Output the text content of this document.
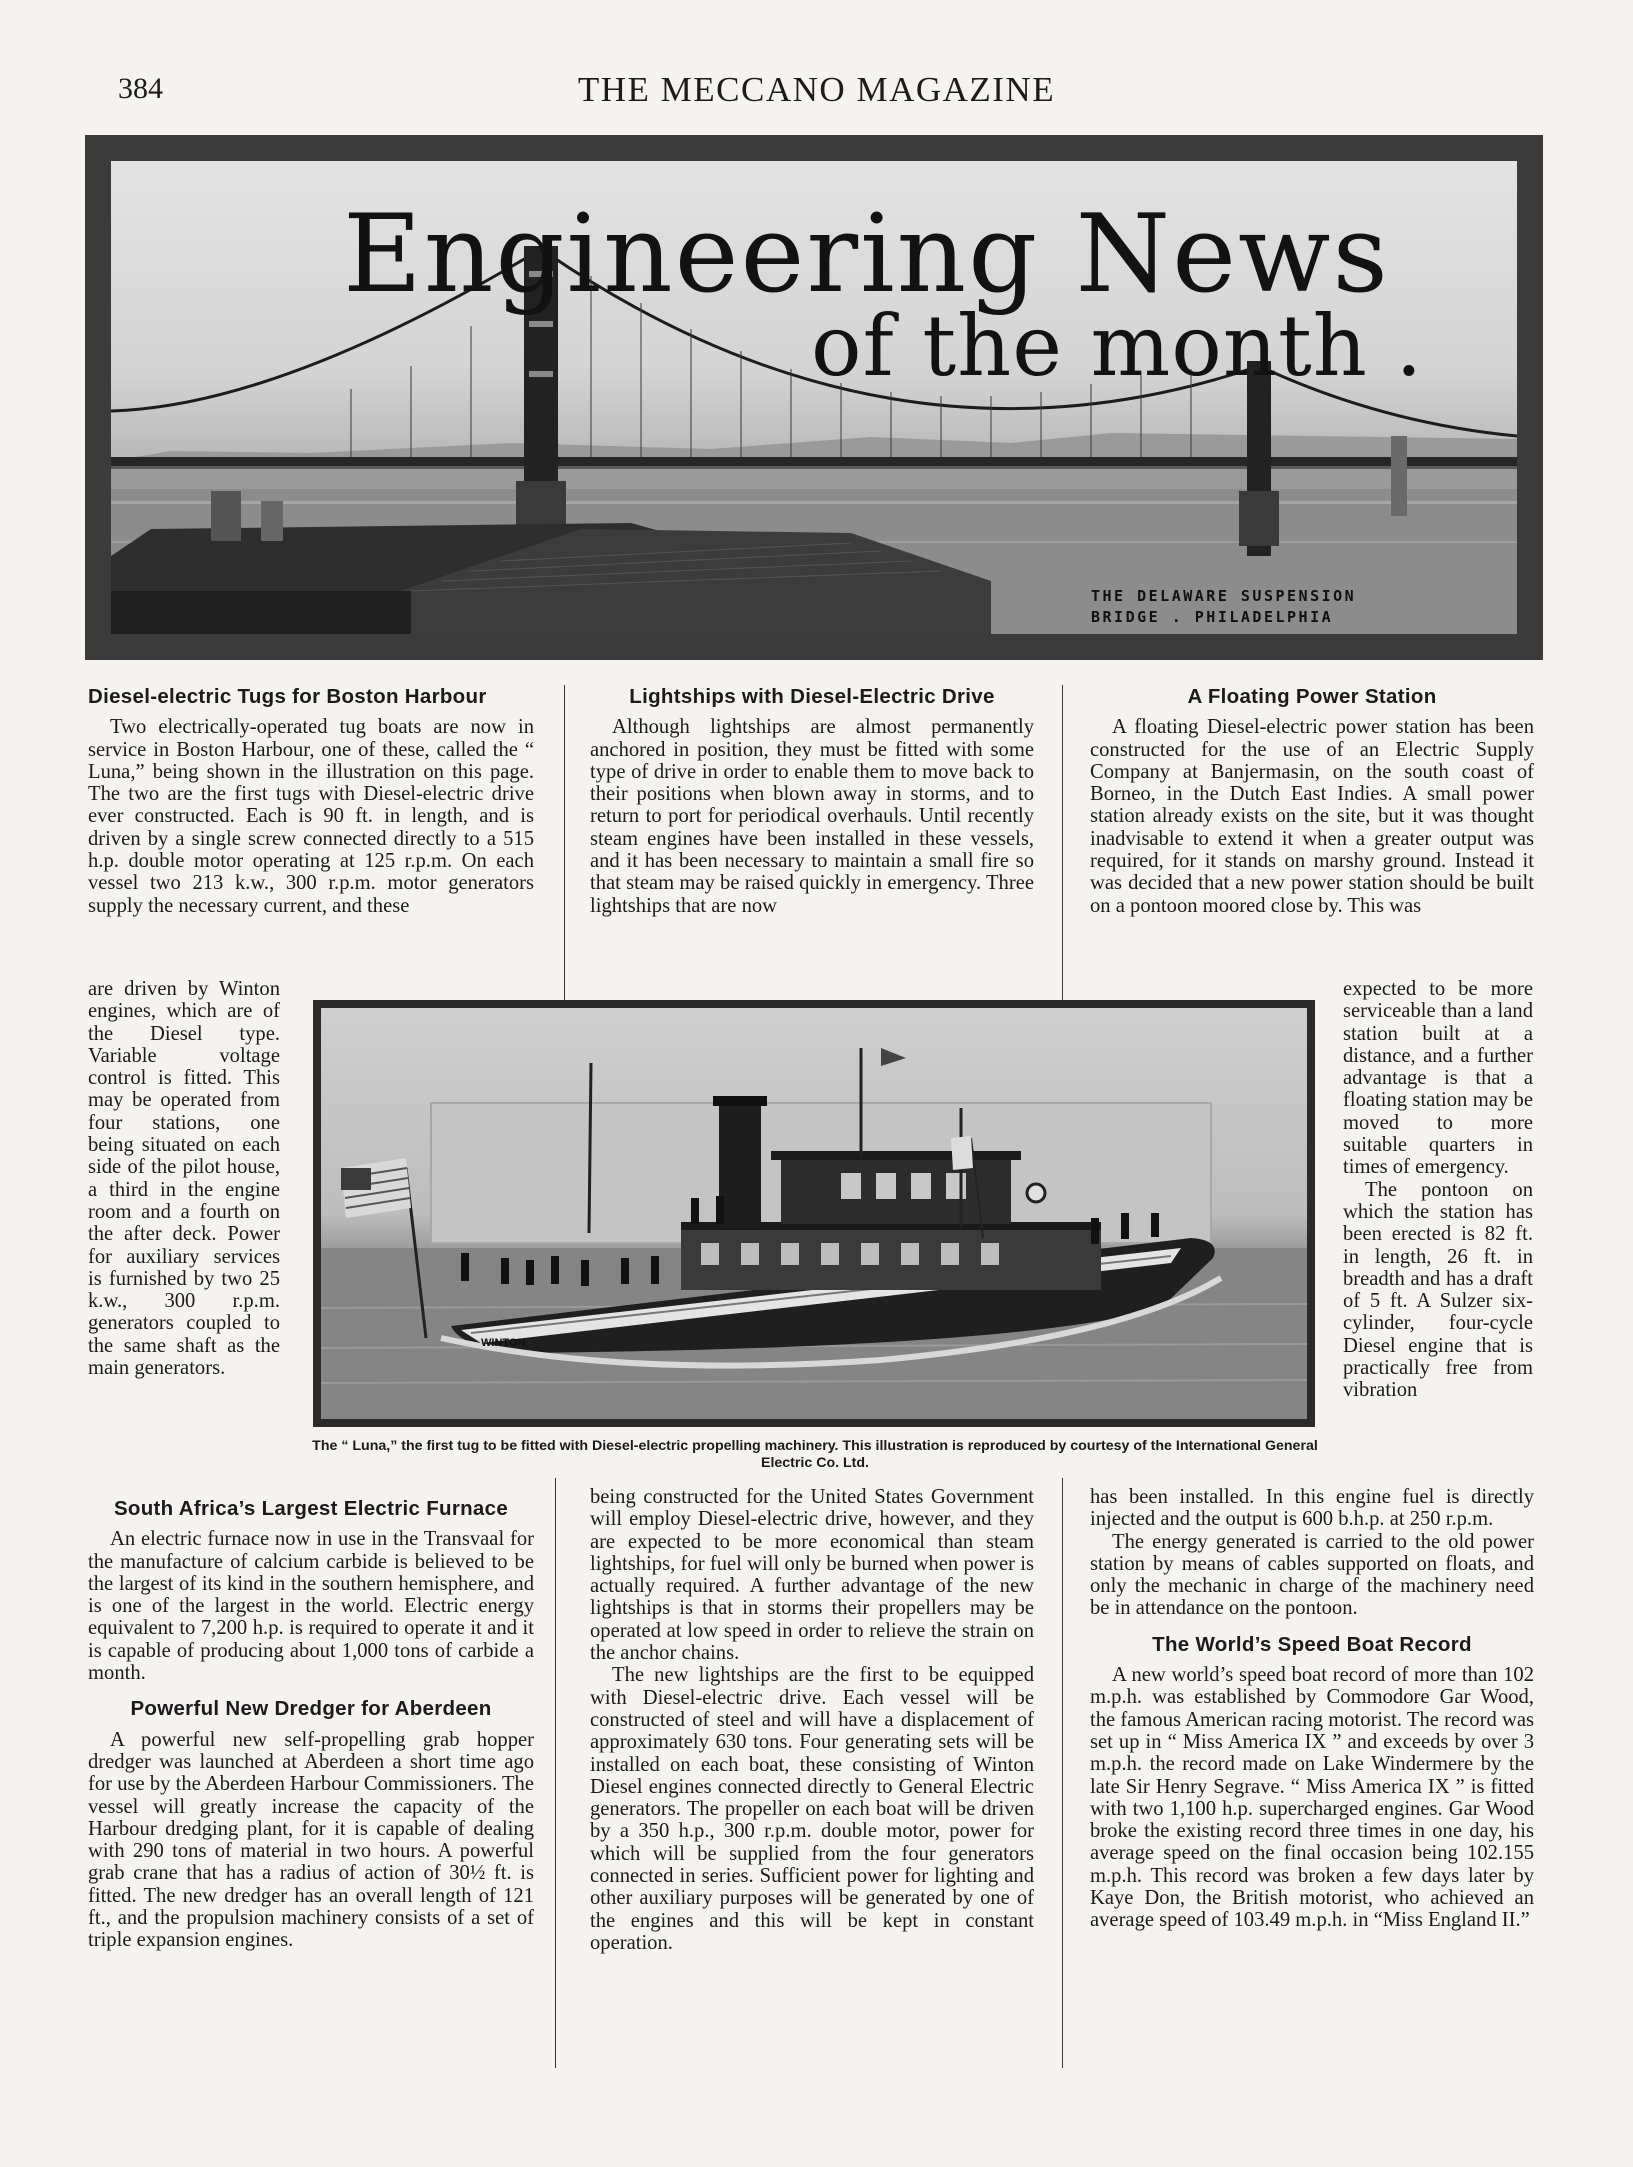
384	THE MECCANO MAGAZINE
Engineering News
of the month .
THE DELAWARE SUSPENSION
BRIDGE . PHILADELPHIA
Diesel-electric Tugs for Boston Harbour

Two electrically-operated tug boats are now in service in Boston Harbour, one of these, called the “ Luna,” being shown in the illustration on this page. The two are the first tugs with Diesel-electric drive ever constructed. Each is 90 ft. in length, and is driven by a single screw connected directly to a 515 h.p. double motor operating at 125 r.p.m. On each vessel two 213 k.w., 300 r.p.m. motor generators supply the necessary current, and these

are driven by Winton engines, which are of the Diesel type. Variable voltage control is fitted. This may be operated from four stations, one being situated on each side of the pilot house, a third in the engine room and a fourth on the after deck. Power for auxiliary services is furnished by two 25 k.w., 300 r.p.m. generators coupled to the same shaft as the main generators.

South Africa’s Largest Electric Furnace

An electric furnace now in use in the Transvaal for the manufacture of calcium carbide is believed to be the largest of its kind in the southern hemisphere, and is one of the largest in the world. Electric energy equivalent to 7,200 h.p. is required to operate it and it is capable of producing about 1,000 tons of carbide a month.

Powerful New Dredger for Aberdeen

A powerful new self-propelling grab hopper dredger was launched at Aberdeen a short time ago for use by the Aberdeen Harbour Commissioners. The vessel will greatly increase the capacity of the Harbour dredging plant, for it is capable of dealing with 290 tons of material in two hours. A powerful grab crane that has a radius of action of 30½ ft. is fitted. The new dredger has an overall length of 121 ft., and the propulsion machinery consists of a set of triple expansion engines.

Lightships with Diesel-Electric Drive

Although lightships are almost permanently anchored in position, they must be fitted with some type of drive in order to enable them to move back to their positions when blown away in storms, and to return to port for periodical overhauls. Until recently steam engines have been installed in these vessels, and it has been necessary to maintain a small fire so that steam may be raised quickly in emergency. Three lightships that are now

being constructed for the United States Government will employ Diesel-electric drive, however, and they are expected to be more economical than steam lightships, for fuel will only be burned when power is actually required. A further advantage of the new lightships is that in storms their propellers may be operated at low speed in order to relieve the strain on the anchor chains.

The new lightships are the first to be equipped with Diesel-electric drive. Each vessel will be constructed of steel and will have a displacement of approximately 630 tons. Four generating sets will be installed on each boat, these consisting of Winton Diesel engines connected directly to General Electric generators. The propeller on each boat will be driven by a 350 h.p., 300 r.p.m. double motor, power for which will be supplied from the four generators connected in series. Sufficient power for lighting and other auxiliary purposes will be generated by one of the engines and this will be kept in constant operation.

A Floating Power Station

A floating Diesel-electric power station has been constructed for the use of an Electric Supply Company at Banjermasin, on the south coast of Borneo, in the Dutch East Indies. A small power station already exists on the site, but it was thought inadvisable to extend it when a greater output was required, for it stands on marshy ground. Instead it was decided that a new power station should be built on a pontoon moored close by. This was

expected to be more serviceable than a land station built at a distance, and a further advantage is that a floating station may be moved to more suitable quarters in times of emergency.

The pontoon on which the station has been erected is 82 ft. in length, 26 ft. in breadth and has a draft of 5 ft. A Sulzer six-cylinder, four-cycle Diesel engine that is practically free from vibration

has been installed. In this engine fuel is directly injected and the output is 600 b.h.p. at 250 r.p.m.

The energy generated is carried to the old power station by means of cables supported on floats, and only the mechanic in charge of the machinery need be in attendance on the pontoon.

The World’s Speed Boat Record

A new world’s speed boat record of more than 102 m.p.h. was established by Commodore Gar Wood, the famous American racing motorist. The record was set up in “ Miss America IX ” and exceeds by over 3 m.p.h. the record made on Lake Windermere by the late Sir Henry Segrave. “ Miss America IX ” is fitted with two 1,100 h.p. supercharged engines. Gar Wood broke the existing record three times in one day, his average speed on the final occasion being 102.155 m.p.h. This record was broken a few days later by Kaye Don, the British motorist, who achieved an average speed of 103.49 m.p.h. in “Miss England II.”

WINTON
The “ Luna,” the first tug to be fitted with Diesel-electric propelling machinery. This illustration is reproduced by courtesy of the International General Electric Co. Ltd.
